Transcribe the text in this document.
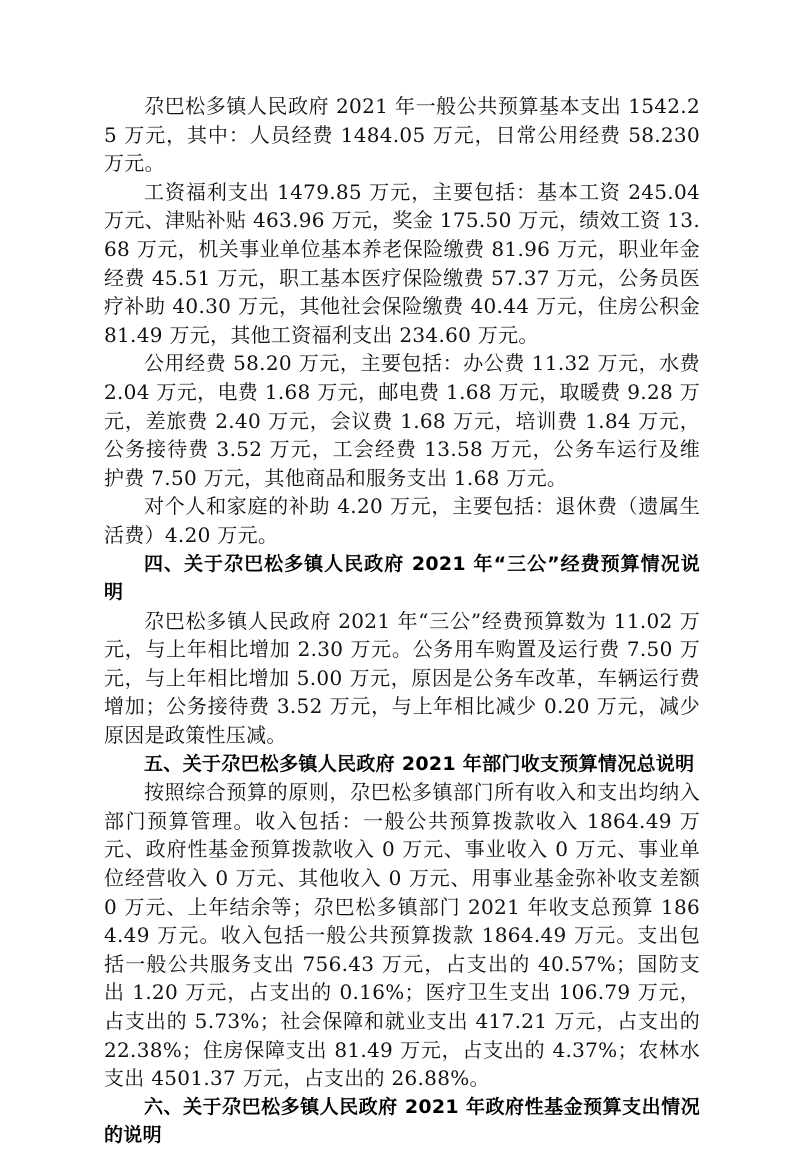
尕巴松多镇人民政府 2021 年一般公共预算基本支出 1542.25 万元，其中：人员经费 1484.05 万元，日常公用经费 58.230 万元。

工资福利支出 1479.85 万元，主要包括：基本工资 245.04 万元、津贴补贴 463.96 万元，奖金 175.50 万元，绩效工资 13.68 万元，机关事业单位基本养老保险缴费 81.96 万元，职业年金经费 45.51 万元，职工基本医疗保险缴费 57.37 万元，公务员医疗补助 40.30 万元，其他社会保险缴费 40.44 万元，住房公积金 81.49 万元，其他工资福利支出 234.60 万元。

公用经费 58.20 万元，主要包括：办公费 11.32 万元，水费 2.04 万元，电费 1.68 万元，邮电费 1.68 万元，取暖费 9.28 万元，差旅费 2.40 万元，会议费 1.68 万元，培训费 1.84 万元，公务接待费 3.52 万元，工会经费 13.58 万元，公务车运行及维护费 7.50 万元，其他商品和服务支出 1.68 万元。

对个人和家庭的补助 4.20 万元，主要包括：退休费（遗属生活费）4.20 万元。

四、关于尕巴松多镇人民政府 2021 年“三公”经费预算情况说明

尕巴松多镇人民政府 2021 年“三公”经费预算数为 11.02 万元，与上年相比增加 2.30 万元。公务用车购置及运行费 7.50 万元，与上年相比增加 5.00 万元，原因是公务车改革，车辆运行费增加；公务接待费 3.52 万元，与上年相比减少 0.20 万元，减少原因是政策性压减。

五、关于尕巴松多镇人民政府 2021 年部门收支预算情况总说明

按照综合预算的原则，尕巴松多镇部门所有收入和支出均纳入部门预算管理。收入包括：一般公共预算拨款收入 1864.49 万元、政府性基金预算拨款收入 0 万元、事业收入 0 万元、事业单位经营收入 0 万元、其他收入 0 万元、用事业基金弥补收支差额 0 万元、上年结余等；尕巴松多镇部门 2021 年收支总预算 1864.49 万元。收入包括一般公共预算拨款 1864.49 万元。支出包括一般公共服务支出 756.43 万元，占支出的 40.57%；国防支出 1.20 万元，占支出的 0.16%；医疗卫生支出 106.79 万元，占支出的 5.73%；社会保障和就业支出 417.21 万元，占支出的 22.38%；住房保障支出 81.49 万元，占支出的 4.37%；农林水支出 4501.37 万元，占支出的 26.88%。

六、关于尕巴松多镇人民政府 2021 年政府性基金预算支出情况的说明
